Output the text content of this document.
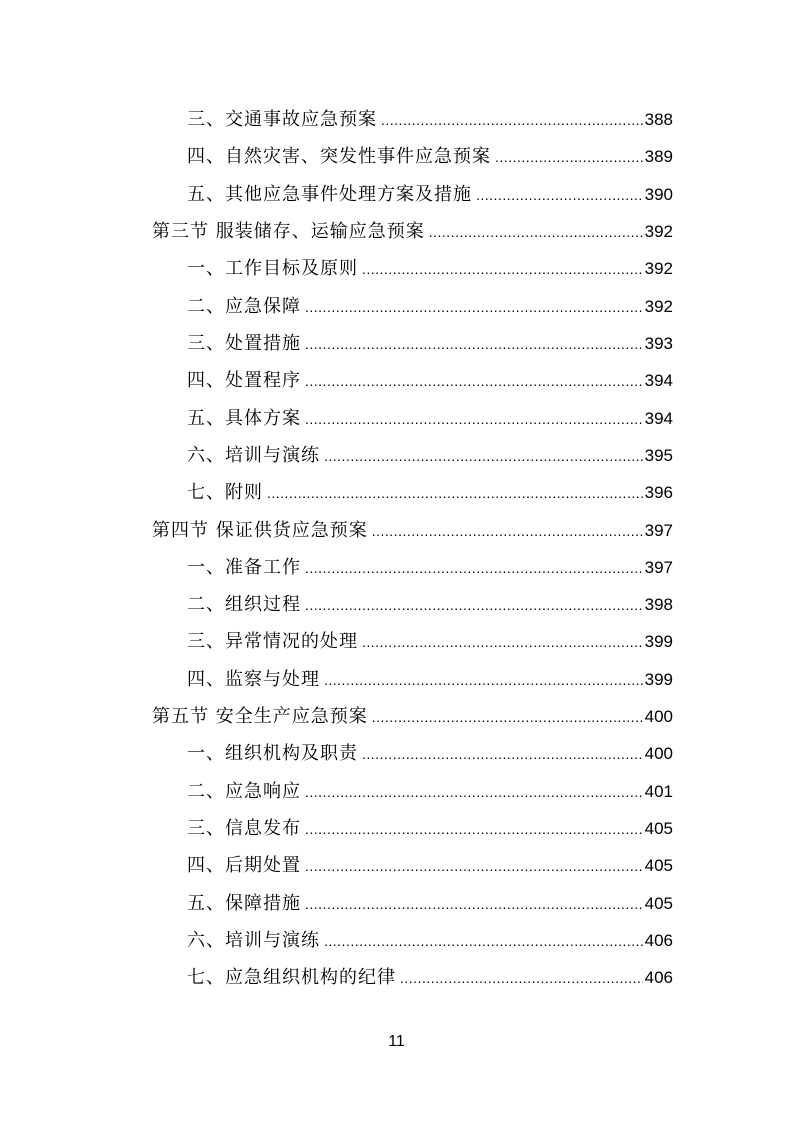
三、交通事故应急预案 .....	388
四、自然灾害、突发性事件应急预案 .....	389
五、其他应急事件处理方案及措施 .....	390
第三节 服装储存、运输应急预案 .....	392
一、工作目标及原则 .....	392
二、应急保障 .....	392
三、处置措施 .....	393
四、处置程序 .....	394
五、具体方案 .....	394
六、培训与演练 .....	395
七、附则 .....	396
第四节 保证供货应急预案 .....	397
一、准备工作 .....	397
二、组织过程 .....	398
三、异常情况的处理 .....	399
四、监察与处理 .....	399
第五节 安全生产应急预案 .....	400
一、组织机构及职责 .....	400
二、应急响应 .....	401
三、信息发布 .....	405
四、后期处置 .....	405
五、保障措施 .....	405
六、培训与演练 .....	406
七、应急组织机构的纪律 .....	406
11
